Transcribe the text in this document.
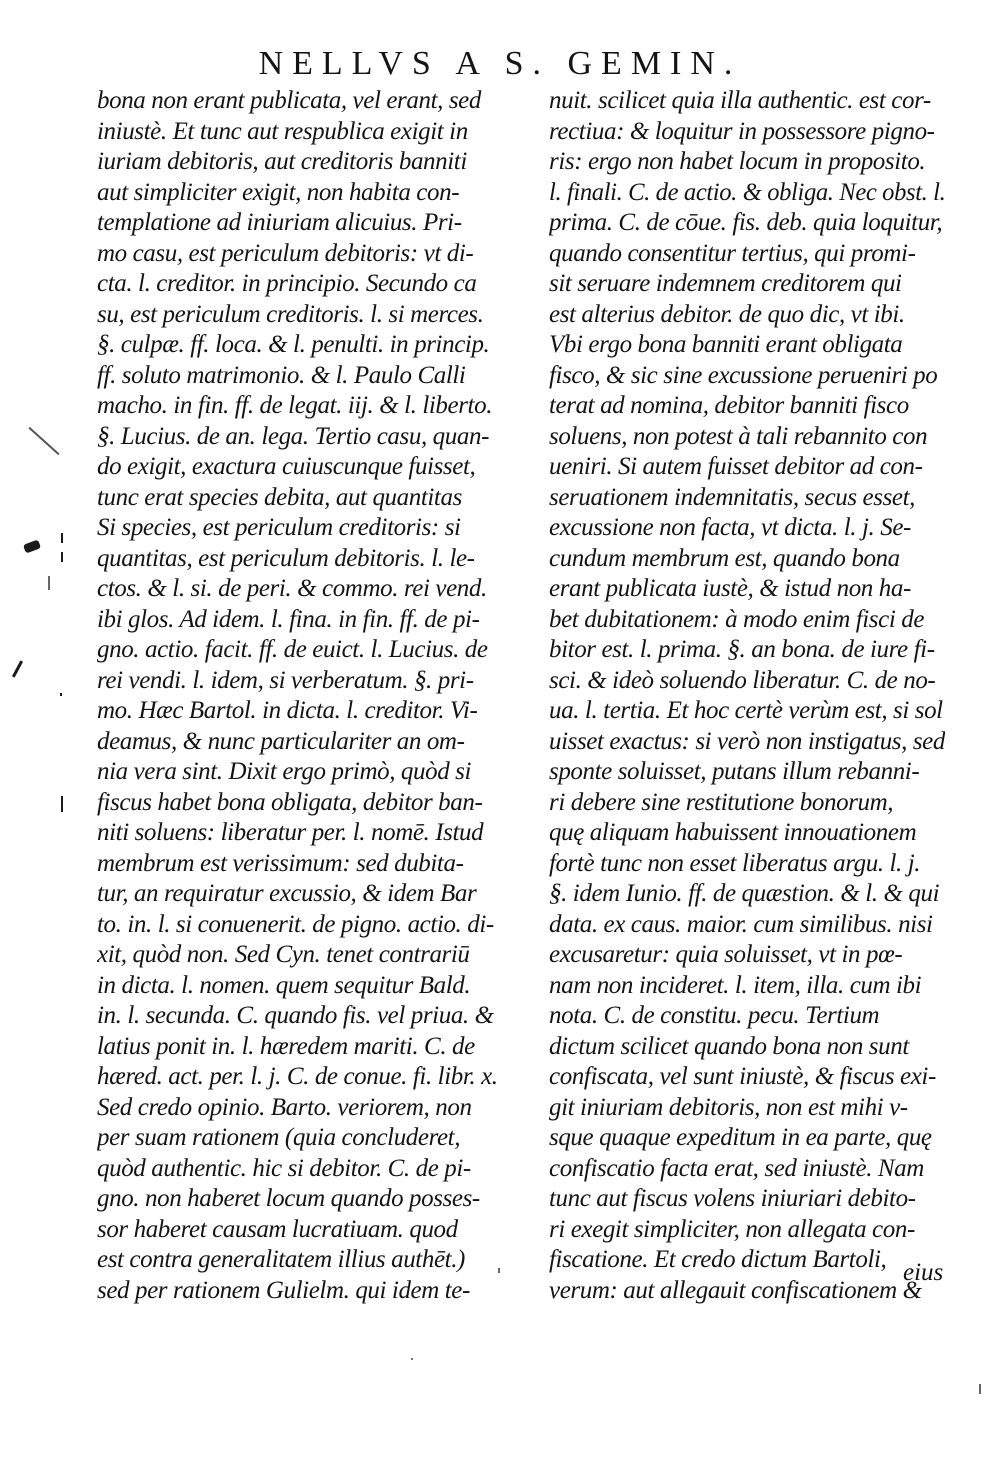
NELLVS A S. GEMIN.
bona non erant publicata, vel erant, sed
iniustè. Et tunc aut respublica exigit in
iuriam debitoris, aut creditoris banniti
aut simpliciter exigit, non habita con-
templatione ad iniuriam alicuius. Pri-
mo casu, est periculum debitoris: vt di-
cta. l. creditor. in principio. Secundo ca
su, est periculum creditoris. l. si merces.
§. culpæ. ff. loca. & l. penulti. in princip.
ff. soluto matrimonio. & l. Paulo Calli
macho. in fin. ff. de legat. iij. & l. liberto.
§. Lucius. de an. lega. Tertio casu, quan-
do exigit, exactura cuiuscunque fuisset,
tunc erat species debita, aut quantitas
Si species, est periculum creditoris: si
quantitas, est periculum debitoris. l. le-
ctos. & l. si. de peri. & commo. rei vend.
ibi glos. Ad idem. l. fina. in fin. ff. de pi-
gno. actio. facit. ff. de euict. l. Lucius. de
rei vendi. l. idem, si verberatum. §. pri-
mo. Hæc Bartol. in dicta. l. creditor. Vi-
deamus, & nunc particulariter an om-
nia vera sint. Dixit ergo primò, quòd si
fiscus habet bona obligata, debitor ban-
niti soluens: liberatur per. l. nomē. Istud
membrum est verissimum: sed dubita-
tur, an requiratur excussio, & idem Bar
to. in. l. si conuenerit. de pigno. actio. di-
xit, quòd non. Sed Cyn. tenet contrariū
in dicta. l. nomen. quem sequitur Bald.
in. l. secunda. C. quando fis. vel priua. &
latius ponit in. l. hæredem mariti. C. de
hæred. act. per. l. j. C. de conue. fi. libr. x.
Sed credo opinio. Barto. veriorem, non
per suam rationem (quia concluderet,
quòd authentic. hic si debitor. C. de pi-
gno. non haberet locum quando posses-
sor haberet causam lucratiuam. quod
est contra generalitatem illius authēt.)
sed per rationem Gulielm. qui idem te-
nuit. scilicet quia illa authentic. est cor-
rectiua: & loquitur in possessore pigno-
ris: ergo non habet locum in proposito.
l. finali. C. de actio. & obliga. Nec obst. l.
prima. C. de cōue. fis. deb. quia loquitur,
quando consentitur tertius, qui promi-
sit seruare indemnem creditorem qui
est alterius debitor. de quo dic, vt ibi.
Vbi ergo bona banniti erant obligata
fisco, & sic sine excussione perueniri po
terat ad nomina, debitor banniti fisco
soluens, non potest à tali rebannito con
ueniri. Si autem fuisset debitor ad con-
seruationem indemnitatis, secus esset,
excussione non facta, vt dicta. l. j. Se-
cundum membrum est, quando bona
erant publicata iustè, & istud non ha-
bet dubitationem: à modo enim fisci de
bitor est. l. prima. §. an bona. de iure fi-
sci. & ideò soluendo liberatur. C. de no-
ua. l. tertia. Et hoc certè verùm est, si sol
uisset exactus: si verò non instigatus, sed
sponte soluisset, putans illum rebanni-
ri debere sine restitutione bonorum,
quę aliquam habuissent innouationem
fortè tunc non esset liberatus argu. l. j.
§. idem Iunio. ff. de quæstion. & l. & qui
data. ex caus. maior. cum similibus. nisi
excusaretur: quia soluisset, vt in pœ-
nam non incideret. l. item, illa. cum ibi
nota. C. de constitu. pecu. Tertium
dictum scilicet quando bona non sunt
confiscata, vel sunt iniustè, & fiscus exi-
git iniuriam debitoris, non est mihi v-
sque quaque expeditum in ea parte, quę
confiscatio facta erat, sed iniustè. Nam
tunc aut fiscus volens iniuriari debito-
ri exegit simpliciter, non allegata con-
fiscatione. Et credo dictum Bartoli,
verum: aut allegauit confiscationem &
eius
